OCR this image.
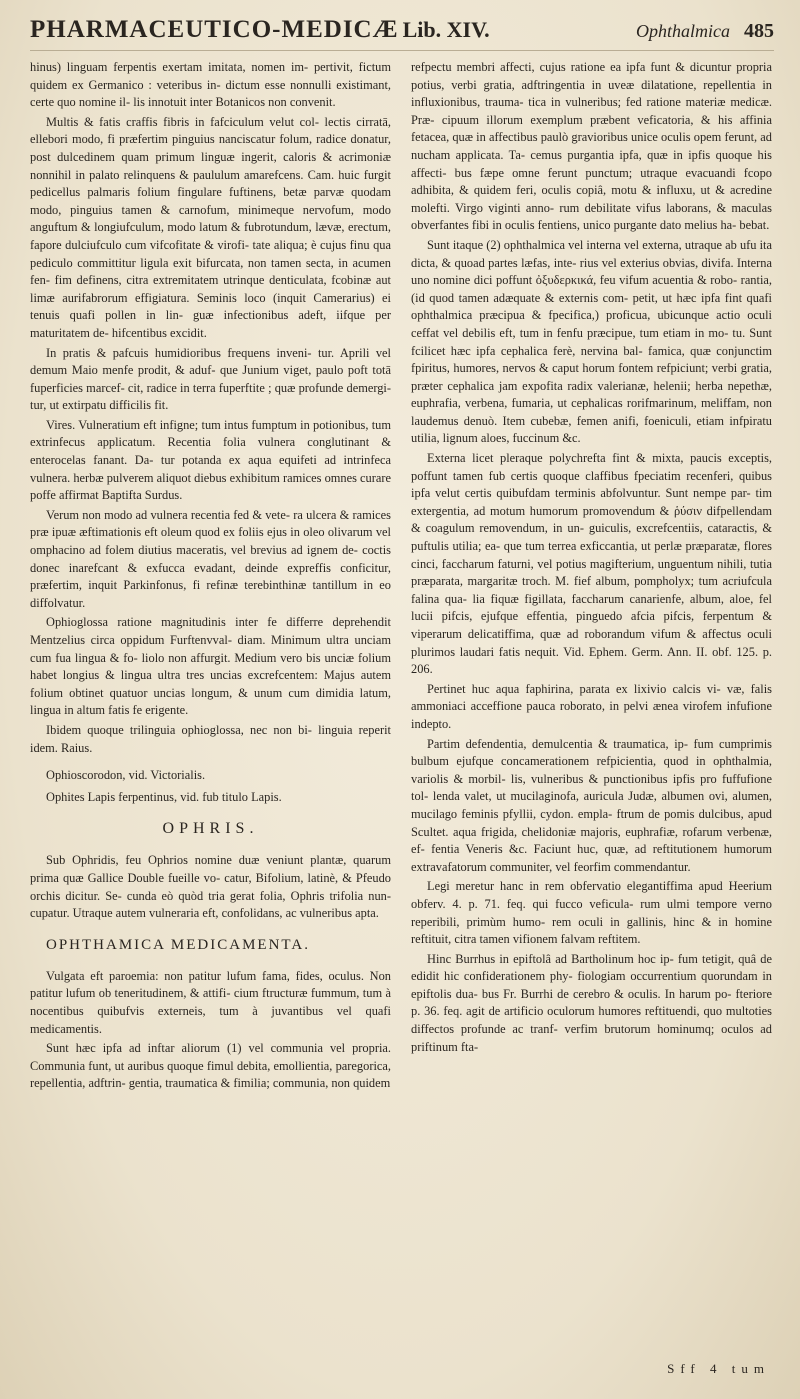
PHARMACEUTICO-MEDICÆ Lib. XIV.	Ophthalmica 485

hinus) linguam ferpentis exertam imitata, nomen im- pertivit, fictum quidem ex Germanico : veteribus in- dictum esse nonnulli existimant, certe quo nomine il- lis innotuit inter Botanicos non convenit.

Multis & fatis craffis fibris in fafciculum velut col- lectis cirratā, ellebori modo, fi præfertim pinguius nanciscatur folum, radice donatur, post dulcedinem quam primum linguæ ingerit, caloris & acrimoniæ nonnihil in palato relinquens & paululum amarefcens. Cam. huic furgit pedicellus palmaris folium fingulare fuftinens, betæ parvæ quodam modo, pinguius tamen & carnofum, minimeque nervofum, modo anguftum & longiufculum, modo latum & fubrotundum, lævæ, erectum, fapore dulciufculo cum vifcofitate & virofi- tate aliqua; è cujus finu qua pediculo committitur ligula exit bifurcata, non tamen secta, in acumen fen- fim definens, citra extremitatem utrinque denticulata, fcobinæ aut limæ aurifabrorum effigiatura. Seminis loco (inquit Camerarius) ei tenuis quafi pollen in lin- guæ infectionibus adeft, iifque per maturitatem de- hifcentibus excidit.

In pratis & pafcuis humidioribus frequens inveni- tur. Aprili vel demum Maio menfe prodit, & aduf- que Junium viget, paulo poft totā fuperficies marcef- cit, radice in terra fuperftite ; quæ profunde demergi- tur, ut extirpatu difficilis fit.

Vires. Vulneratium eft infigne; tum intus fumptum in potionibus, tum extrinfecus applicatum. Recentia folia vulnera conglutinant & enterocelas fanant. Da- tur potanda ex aqua equifeti ad intrinfeca vulnera. herbæ pulverem aliquot diebus exhibitum ramices omnes curare poffe affirmat Baptifta Surdus.

Verum non modo ad vulnera recentia fed & vete- ra ulcera & ramices præ ipuæ æftimationis eft oleum quod ex foliis ejus in oleo olivarum vel omphacino ad folem diutius maceratis, vel brevius ad ignem de- coctis donec inarefcant & exfucca evadant, deinde expreffis conficitur, præfertim, inquit Parkinfonus, fi refinæ terebinthinæ tantillum in eo diffolvatur.

Ophioglossa ratione magnitudinis inter fe differre deprehendit Mentzelius circa oppidum Furftenvval- diam. Minimum ultra unciam cum fua lingua & fo- liolo non affurgit. Medium vero bis unciæ folium habet longius & lingua ultra tres uncias excrefcentem: Majus autem folium obtinet quatuor uncias longum, & unum cum dimidia latum, lingua in altum fatis fe erigente.

Ibidem quoque trilinguia ophioglossa, nec non bi- linguia reperit idem. Raius.

Ophioscorodon, vid. Victorialis.
Ophites Lapis ferpentinus, vid. fub titulo Lapis.
OPHRIS.

Sub Ophridis, feu Ophrios nomine duæ veniunt plantæ, quarum prima quæ Gallice Double fueille vo- catur, Bifolium, latinè, & Pfeudo orchis dicitur. Se- cunda eò quòd tria gerat folia, Ophris trifolia nun- cupatur. Utraque autem vulneraria eft, confolidans, ac vulneribus apta.

OPHTHAMICA MEDICAMENTA.

Vulgata eft paroemia: non patitur lufum fama, fides, oculus. Non patitur lufum ob teneritudinem, & attifi- cium ftructuræ fummum, tum à nocentibus quibufvis externeis, tum à juvantibus vel quafi medicamentis.

Sunt hæc ipfa ad inftar aliorum (1) vel communia vel propria. Communia funt, ut auribus quoque fimul debita, emollientia, paregorica, repellentia, adftrin- gentia, traumatica & fimilia; communia, non quidem

refpectu membri affecti, cujus ratione ea ipfa funt & dicuntur propria potius, verbi gratia, adftringentia in uveæ dilatatione, repellentia in influxionibus, trauma- tica in vulneribus; fed ratione materiæ medicæ. Præ- cipuum illorum exemplum præbent veficatoria, & his affinia fetacea, quæ in affectibus paulò gravioribus unice oculis opem ferunt, ad nucham applicata. Ta- cemus purgantia ipfa, quæ in ipfis quoque his affecti- bus fæpe omne ferunt punctum; utraque evacuandi fcopo adhibita, & quidem feri, oculis copiâ, motu & influxu, ut & acredine molefti. Virgo viginti anno- rum debilitate vifus laborans, & maculas obverfantes fibi in oculis fentiens, unico purgante dato melius ha- bebat.

Sunt itaque (2) ophthalmica vel interna vel externa, utraque ab ufu ita dicta, & quoad partes læfas, inte- rius vel exterius obvias, divifa. Interna uno nomine dici poffunt ὀξυδερκικά, feu vifum acuentia & robo- rantia, (id quod tamen adæquate & externis com- petit, ut hæc ipfa fint quafi ophthalmica præcipua & fpecifica,) proficua, ubicunque actio oculi ceffat vel debilis eft, tum in fenfu præcipue, tum etiam in mo- tu. Sunt fcilicet hæc ipfa cephalica ferè, nervina bal- famica, quæ conjunctim fpiritus, humores, nervos & caput horum fontem refpiciunt; verbi gratia, præter cephalica jam expofita radix valerianæ, helenii; herba nepethæ, euphrafia, verbena, fumaria, ut cephalicas rorifmarinum, meliffam, non laudemus denuò. Item cubebæ, femen anifi, foeniculi, etiam infpiratu utilia, lignum aloes, fuccinum &c.

Externa licet pleraque polychrefta fint & mixta, paucis exceptis, poffunt tamen fub certis quoque claffibus fpeciatim recenferi, quibus ipfa velut certis quibufdam terminis abfolvuntur. Sunt nempe par- tim extergentia, ad motum humorum promovendum & ῥύσιν difpellendam & coagulum removendum, in un- guiculis, excrefcentiis, cataractis, & puftulis utilia; ea- que tum terrea exficcantia, ut perlæ præparatæ, flores cinci, faccharum faturni, vel potius magifterium, unguentum nihili, tutia præparata, margaritæ troch. M. fief album, pompholyx; tum acriufcula falina qua- lia fiquæ figillata, faccharum canarienfe, album, aloe, fel lucii pifcis, ejufque effentia, pinguedo afcia pifcis, ferpentum & viperarum delicatiffima, quæ ad roborandum vifum & affectus oculi plurimos laudari fatis nequit. Vid. Ephem. Germ. Ann. II. obf. 125. p. 206.

Pertinet huc aqua faphirina, parata ex lixivio calcis vi- væ, falis ammoniaci acceffione pauca roborato, in pelvi ænea virofem infufione indepto.

Partim defendentia, demulcentia & traumatica, ip- fum cumprimis bulbum ejufque concamerationem refpicientia, quod in ophthalmia, variolis & morbil- lis, vulneribus & punctionibus ipfis pro fuffufione tol- lenda valet, ut mucilaginofa, auricula Judæ, albumen ovi, alumen, mucilago feminis pfyllii, cydon. empla- ftrum de pomis dulcibus, apud Scultet. aqua frigida, chelidoniæ majoris, euphrafiæ, rofarum verbenæ, ef- fentia Veneris &c. Faciunt huc, quæ, ad reftitutionem humorum extravafatorum communiter, vel feorfim commendantur.

Legi meretur hanc in rem obfervatio elegantiffima apud Heerium obferv. 4. p. 71. feq. qui fucco veficula- rum ulmi tempore verno reperibili, primùm humo- rem oculi in gallinis, hinc & in homine reftituit, citra tamen vifionem falvam reftitem.

Hinc Burrhus in epiftolâ ad Bartholinum hoc ip- fum tetigit, quâ de edidit hic confiderationem phy- fiologiam occurrentium quorundam in epiftolis dua- bus Fr. Burrhi de cerebro & oculis. In harum po- fteriore p. 36. feq. agit de artificio oculorum humores reftituendi, quo multoties diffectos profunde ac tranf- verfim brutorum hominumq; oculos ad priftinum fta-

Sff 4 tum
